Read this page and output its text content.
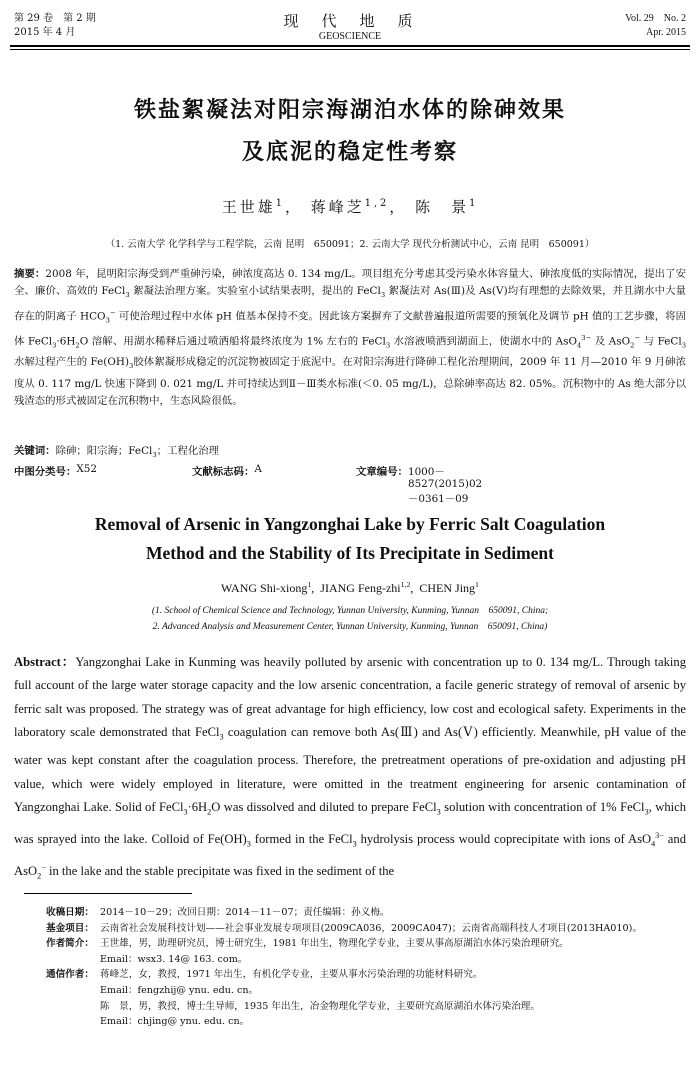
第 29 卷　第 2 期
2015 年 4 月
现　代　地　质
GEOSCIENCE
Vol. 29　No. 2
Apr. 2015
铁盐絮凝法对阳宗海湖泊水体的除砷效果
及底泥的稳定性考察
王世雄$^1$， 蒋峰芝$^{1,2}$， 陈　景$^1$
（1. 云南大学 化学科学与工程学院，云南 昆明　650091；2. 云南大学 现代分析测试中心，云南 昆明　650091）
摘要：2008 年，昆明阳宗海受到严重砷污染，砷浓度高达 0. 134 mg/L。项目组充分考虑其受污染水体容量大、砷浓度低的实际情况，提出了安全、廉价、高效的 FeCl$_3$ 絮凝法治理方案。实验室小试结果表明，提出的 FeCl$_3$ 絮凝法对 As(Ⅲ)及 As(Ⅴ)均有理想的去除效果，并且湖水中大量存在的阴离子 $HCO_3^-$ 可使治理过程中水体 pH 值基本保持不变。因此该方案摒弃了文献普遍报道所需要的预氧化及调节 pH 值的工艺步骤，将固体 $FeCl_3\cdot 6H_2O$ 溶解、用湖水稀释后通过喷洒船将最终浓度为 1% 左右的 FeCl$_3$ 水溶液喷洒到湖面上，使湖水中的 AsO$_4^{3-}$ 及 AsO$_2$− 与 FeCl$_3$ 水解过程产生的 $Fe(OH)_3$胶体絮凝形成稳定的沉淀物被固定于底泥中。在对阳宗海进行降砷工程化治理期间，2009 年 11 月—2010 年 9 月砷浓度从 0. 117 mg/L 快速下降到 0. 021 mg/L 并可持续达到Ⅱ－Ⅲ类水标准(＜0. 05 mg/L)，总除砷率高达 82. 05%。沉积物中的 As 绝大部分以残渣态的形式被固定在沉积物中，生态风险很低。
关键词：除砷；阳宗海；FeCl$_3$；工程化治理
中图分类号： X52	文献标志码： A	文章编号： 1000－8527(2015)02－0361－09
Removal of Arsenic in Yangzonghai Lake by Ferric Salt Coagulation
Method and the Stability of Its Precipitate in Sediment
WANG Shi-xiong$^1$,  JIANG Feng-zhi$^{1,2}$,  CHEN Jing$^1$
(1. School of Chemical Science and Technology, Yunnan University, Kunming, Yunnan　650091, China;
2. Advanced Analysis and Measurement Center, Yunnan University, Kunming, Yunnan　650091, China)
Abstract：Yangzonghai Lake in Kunming was heavily polluted by arsenic with concentration up to 0. 134 mg/L. Through taking full account of the large water storage capacity and the low arsenic concentration, a facile generic strategy of removal of arsenic by ferric salt was proposed. The strategy was of great advantage for high efficiency, low cost and ecological safety. Experiments in the laboratory scale demonstrated that FeCl$_3$ coagulation can remove both As(Ⅲ) and As(Ⅴ) efficiently. Meanwhile, pH value of the water was kept constant after the coagulation process. Therefore, the pretreatment operations of pre-oxidation and adjusting pH value, which were widely employed in literature, were omitted in the treatment engineering for arsenic contamination of Yangzonghai Lake. Solid of $FeCl_3\cdot 6H_2O$ was dissolved and diluted to prepare FeCl$_3$ solution with concentration of 1% FeCl$_3$, which was sprayed into the lake. Colloid of $Fe(OH)_3$ formed in the FeCl$_3$ hydrolysis process would coprecipitate with ions of AsO$_4^{3-}$ and AsO$_2$− in the lake and the stable precipitate was fixed in the sediment of the
收稿日期： 2014－10－29；改回日期：2014－11－07；责任编辑：孙义梅。
基金项目： 云南省社会发展科技计划——社会事业发展专项项目(2009CA036，2009CA047)；云南省高端科技人才项目(2013HA010)。
作者简介： 王世雄，男，助理研究员，博士研究生，1981 年出生，物理化学专业，主要从事高原湖泊水体污染治理研究。
Email：wsx3. 14@ 163. com。
通信作者： 蒋峰芝，女，教授，1971 年出生，有机化学专业，主要从事水污染治理的功能材料研究。
Email：fengzhij@ ynu. edu. cn。
陈　景，男，教授，博士生导师，1935 年出生，冶金物理化学专业，主要研究高原湖泊水体污染治理。
Email：chjing@ ynu. edu. cn。
